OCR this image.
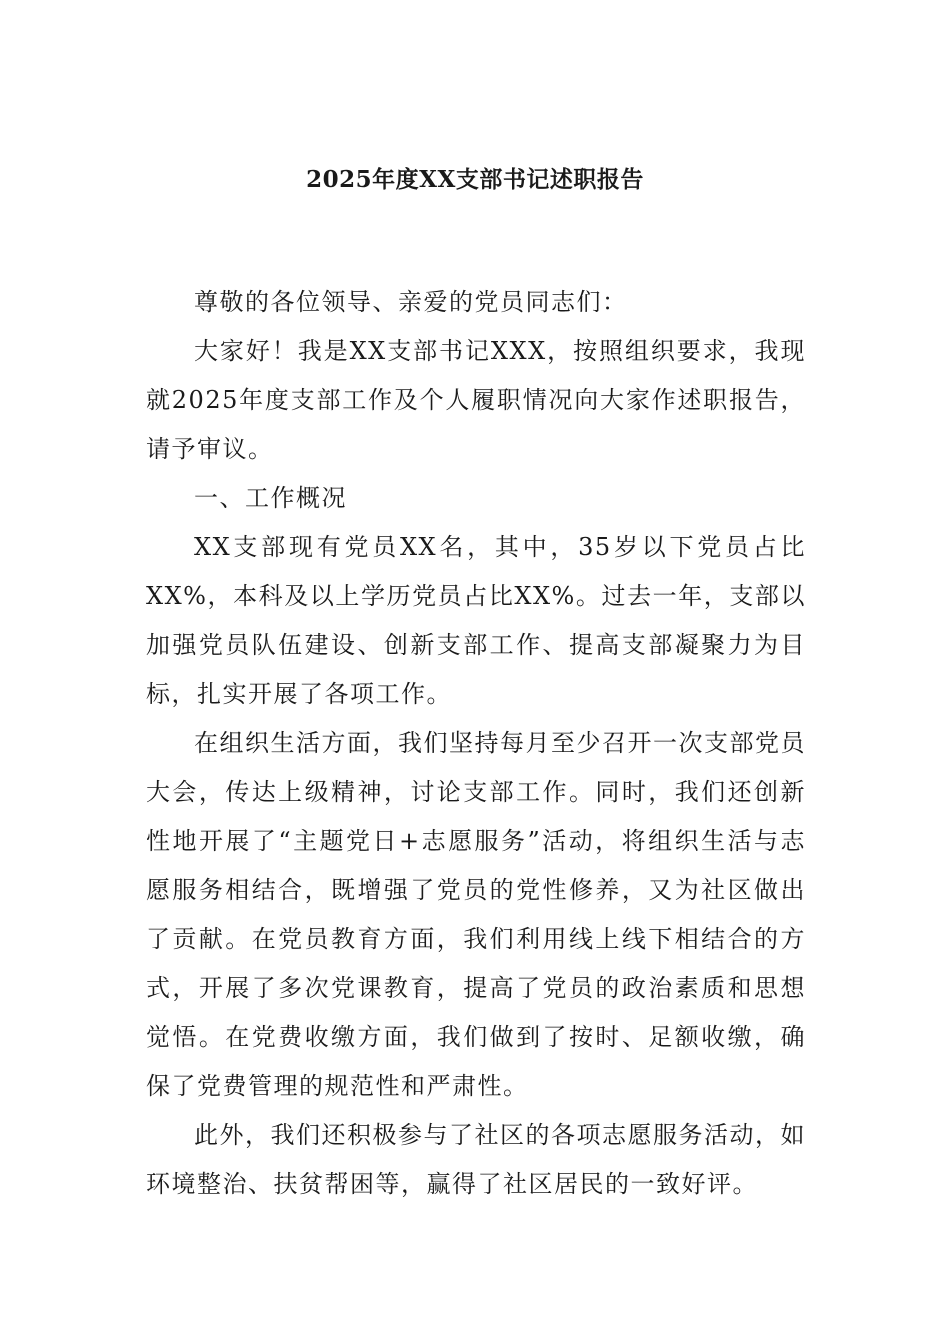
2025年度XX支部书记述职报告

尊敬的各位领导、亲爱的党员同志们：

大家好！我是XX支部书记XXX，按照组织要求，我现就2025年度支部工作及个人履职情况向大家作述职报告，请予审议。

一、工作概况

XX支部现有党员XX名，其中，35岁以下党员占比XX%，本科及以上学历党员占比XX%。过去一年，支部以加强党员队伍建设、创新支部工作、提高支部凝聚力为目标，扎实开展了各项工作。

在组织生活方面，我们坚持每月至少召开一次支部党员大会，传达上级精神，讨论支部工作。同时，我们还创新性地开展了“主题党日+志愿服务”活动，将组织生活与志愿服务相结合，既增强了党员的党性修养，又为社区做出了贡献。在党员教育方面，我们利用线上线下相结合的方式，开展了多次党课教育，提高了党员的政治素质和思想觉悟。在党费收缴方面，我们做到了按时、足额收缴，确保了党费管理的规范性和严肃性。

此外，我们还积极参与了社区的各项志愿服务活动，如环境整治、扶贫帮困等，赢得了社区居民的一致好评。
